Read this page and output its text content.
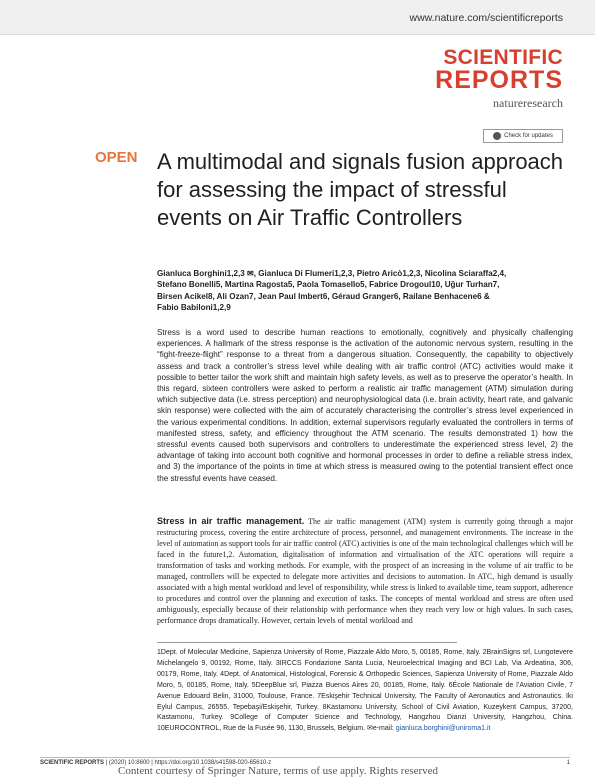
www.nature.com/scientificreports
SCIENTIFIC
REPORTS
natureresearch
Check for updates
OPEN A multimodal and signals fusion approach for assessing the impact of stressful events on Air Traffic Controllers
Gianluca Borghini1,2,3 ✉, Gianluca Di Flumeri1,2,3, Pietro Aricò1,2,3, Nicolina Sciaraffa2,4,
Stefano Bonelli5, Martina Ragosta5, Paola Tomasello5, Fabrice Drogoul10, Uğur Turhan7,
Birsen Acikel8, Ali Ozan7, Jean Paul Imbert6, Géraud Granger6, Railane Benhacene6 &
Fabio Babiloni1,2,9
Stress is a word used to describe human reactions to emotionally, cognitively and physically challenging experiences. A hallmark of the stress response is the activation of the autonomic nervous system, resulting in the “fight-freeze-flight” response to a threat from a dangerous situation. Consequently, the capability to objectively assess and track a controller’s stress level while dealing with air traffic control (ATC) activities would make it possible to better tailor the work shift and maintain high safety levels, as well as to preserve the operator’s health. In this regard, sixteen controllers were asked to perform a realistic air traffic management (ATM) simulation during which subjective data (i.e. stress perception) and neurophysiological data (i.e. brain activity, heart rate, and galvanic skin response) were collected with the aim of accurately characterising the controller’s stress level experienced in the various experimental conditions. In addition, external supervisors regularly evaluated the controllers in terms of manifested stress, safety, and efficiency throughout the ATM scenario. The results demonstrated 1) how the stressful events caused both supervisors and controllers to underestimate the experienced stress level, 2) the advantage of taking into account both cognitive and hormonal processes in order to define a reliable stress index, and 3) the importance of the points in time at which stress is measured owing to the potential transient effect once the stressful events have ceased.
Stress in air traffic management. The air traffic management (ATM) system is currently going through a major restructuring process, covering the entire architecture of process, personnel, and management environments. The increase in the level of automation as support tools for air traffic control (ATC) activities is one of the main technological challenges which will be faced in the future1,2. Automation, digitalisation of information and virtualisation of the ATC operations will require a transformation of tasks and working methods. For example, with the prospect of an increasing in the volume of air traffic to be managed, controllers will be expected to delegate more activities and decisions to automation. In ATC, high demand is usually associated with a high mental workload and level of responsibility, while stress is linked to available time, team support, adherence to procedures and control over the planning and execution of tasks. The concepts of mental workload and stress are often used ambiguously, especially because of their relationship with performance when they reach very low or high values. In such cases, performance drops dramatically. However, certain levels of mental workload and
1Dept. of Molecular Medicine, Sapienza University of Rome, Piazzale Aldo Moro, 5, 00185, Rome, Italy. 2BrainSigns srl, Lungotevere Michelangelo 9, 00192, Rome, Italy. 3IRCCS Fondazione Santa Lucia, Neuroelectrical Imaging and BCI Lab, Via Ardeatina, 306, 00179, Rome, Italy. 4Dept. of Anatomical, Histological, Forensic & Orthopedic Sciences, Sapienza University of Rome, Piazzale Aldo Moro, 5, 00185, Rome, Italy. 5DeepBlue srl, Piazza Buenos Aires 20, 00185, Rome, Italy. 6École Nationale de l’Aviation Civile, 7 Avenue Edouard Belin, 31000, Toulouse, France. 7Eskişehir Technical University, The Faculty of Aeronautics and Astronautics. Iki Eylul Campus, 26555, Tepebaşi/Eskişehir, Turkey. 8Kastamonu University, School of Civil Aviation, Kuzeykent Campus, 37200, Kastamonu, Turkey. 9College of Computer Science and Technology, Hangzhou Dianzi University, Hangzhou, China. 10EUROCONTROL, Rue de la Fusée 96, 1130, Brussels, Belgium. ✉e-mail: gianluca.borghini@uniroma1.it
SCIENTIFIC REPORTS | (2020) 10:8600 | https://doi.org/10.1038/s41598-020-65610-z	1
Content courtesy of Springer Nature, terms of use apply. Rights reserved
